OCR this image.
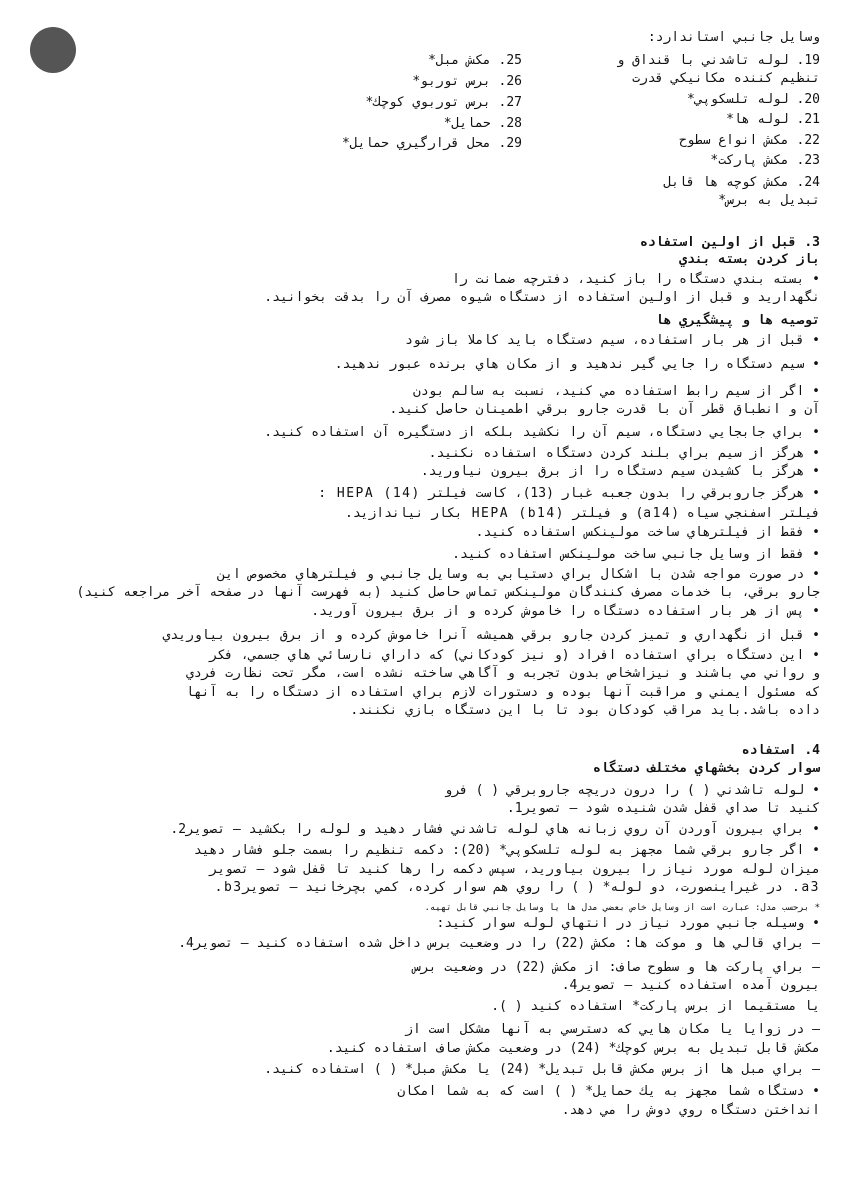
وسايل جانبي استاندارد:
19. لوله تاشدني با قنداق و
تنظيم كننده مكانيكي قدرت
20. لوله تلسكوپي*
21. لوله ها*
22. مكش انواع سطوح
23. مكش پاركت*
24. مكش كوچه ها قابل
تبديل به برس*
25. مكش مبل*
26. برس توربو*
27. برس توربوي كوچك*
28. حمايل*
29. محل قرارگيري حمايل*
3. قبل از اولين استفاده
باز كردن بسته بندي
• بسته بندي دستگاه را باز كنيد، دفترچه ضمانت را
نگهداريد و قبل از اولين استفاده از دستگاه شيوه مصرف آن را بدقت بخوانيد.
توصيه ها و پيشگيري ها
• قبل از هر بار استفاده، سيم دستگاه بايد كاملا باز شود
• سيم دستگاه را جايي گير ندهيد و از مكان هاي برنده عبور ندهيد.
• اگر از سيم رابط استفاده مي كنيد، نسبت به سالم بودن
آن و انطباق قطر آن با قدرت جارو برقي اطمينان حاصل كنيد.
• براي جابجايي دستگاه، سيم آن را نكشيد بلكه از دستگيره آن استفاده كنيد.
• هرگز از سيم براي بلند كردن دستگاه استفاده نكنيد.
• هرگز با كشيدن سيم دستگاه را از برق بيرون نياوريد.
• هرگز جاروبرقي را بدون جعبه غبار (13)، كاست فيلتر HEPA (14) :
فيلتر اسفنجي سياه (a14) و فيلتر HEPA (b14) بكار نياندازيد.
• فقط از فيلترهاي ساخت مولينكس استفاده كنيد.
• فقط از وسايل جانبي ساخت مولينكس استفاده كنيد.
• در صورت مواجه شدن با اشكال براي دستيابي به وسايل جانبي و فيلترهاي مخصوص اين
جارو برقي، با خدمات مصرف كنندگان مولينكس تماس حاصل كنيد (به فهرست آنها در صفحه آخر مراجعه كنيد)
• پس از هر بار استفاده دستگاه را خاموش كرده و از برق بيرون آوريد.
• قبل از نگهداري و تميز كردن جارو برقي هميشه آنرا خاموش كرده و از برق بيرون بياوريدي
• اين دستگاه براي استفاده افراد (و نيز كودكاني) كه داراي نارسائي هاي جسمي، فكر
و رواني مي باشند و نيزاشخاص بدون تجربه و آگاهي ساخته نشده است، مگر تحت نظارت فردي
كه مسئول ايمني و مراقبت آنها بوده و دستورات لازم براي استفاده از دستگاه را به آنها
داده باشد.بايد مراقب كودكان بود تا با اين دستگاه بازي نكنند.
4. استفاده
سوار كردن بخشهاي مختلف دستگاه
• لوله تاشدني ( ) را درون دريچه جاروبرقي ( ) فرو
كنيد تا صداي قفل شدن شنيده شود – تصوير1.
• براي بيرون آوردن آن روي زبانه هاي لوله تاشدني فشار دهيد و لوله را بكشيد – تصوير2.
• اگر جارو برقي شما مجهز به لوله تلسكوپي* (20): دكمه تنظيم را بسمت جلو فشار دهيد
ميزان لوله مورد نياز را بيرون بياوريد، سپس دكمه را رها كنيد تا قفل شود – تصوير
a3. در غيراينصورت، دو لوله* ( ) را روي هم سوار كرده، كمي بچرخانيد – تصويرb3.
* برحسب مدل: عبارت است از وسايل خاص بعضي مدل ها يا وسايل جانبي قابل تهيه.
• وسيله جانبي مورد نياز در انتهاي لوله سوار كنيد:
– براي قالي ها و موكت ها: مكش (22) را در وضعيت برس داخل شده استفاده كنيد – تصوير4.
– براي پاركت ها و سطوح صاف: از مكش (22) در وضعيت برس
بيرون آمده استفاده كنيد – تصوير4.
يا مستقيما از برس پاركت* استفاده كنيد ( ).
– در زوايا يا مكان هايي كه دسترسي به آنها مشكل است از
مكش قابل تبديل به برس كوچك* (24) در وضعيت مكش صاف استفاده كنيد.
– براي مبل ها از برس مكش قابل تبديل* (24) يا مكش مبل* ( ) استفاده كنيد.
• دستگاه شما مجهز به يك حمايل* ( ) است كه به شما امكان
انداختن دستگاه روي دوش را مي دهد.
